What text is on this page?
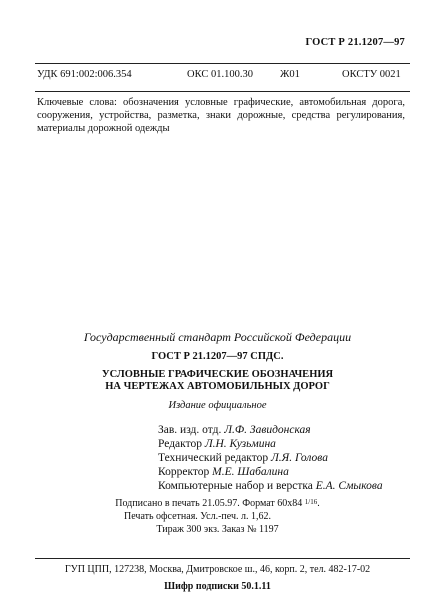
ГОСТ Р 21.1207—97
УДК 691:002:006.354	ОКС 01.100.30	Ж01	ОКСТУ 0021
Ключевые слова: обозначения условные графические, автомобильная дорога, сооружения, устройства, разметка, знаки дорожные, средства регулирования, материалы дорожной одежды
Государственный стандарт Российской Федерации
ГОСТ Р 21.1207—97 СПДС.
УСЛОВНЫЕ ГРАФИЧЕСКИЕ ОБОЗНАЧЕНИЯ
НА ЧЕРТЕЖАХ АВТОМОБИЛЬНЫХ ДОРОГ
Издание официальное
Зав. изд. отд. Л.Ф. Завидонская
Редактор Л.Н. Кузьмина
Технический редактор Л.Я. Голова
Корректор М.Е. Шабалина
Компьютерные набор и верстка Е.А. Смыкова
Подписано в печать 21.05.97. Формат 60х84 $^{1/16}$.
Печать офсетная. Усл.-печ. л. 1,62.
Тираж 300 экз. Заказ № 1197
ГУП ЦПП, 127238, Москва, Дмитровское ш., 46, корп. 2, тел. 482-17-02
Шифр подписки 50.1.11
